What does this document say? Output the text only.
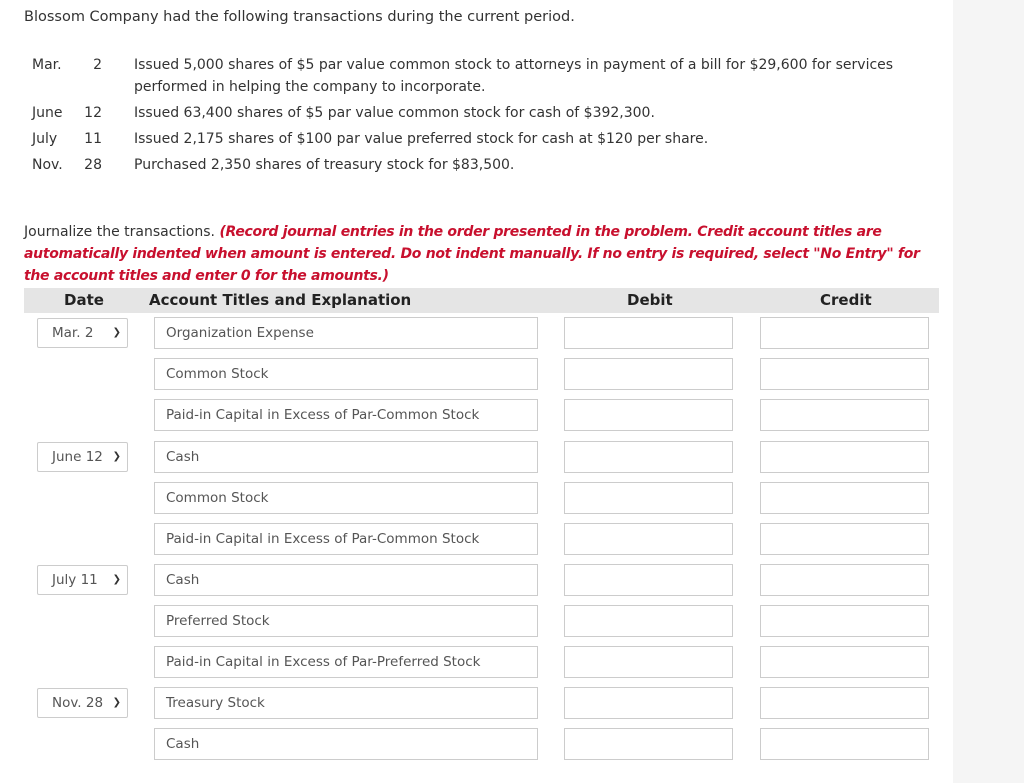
Blossom Company had the following transactions during the current period.
Mar.	2 Issued 5,000 shares of $5 par value common stock to attorneys in payment of a bill for $29,600 for services
performed in helping the company to incorporate.
June	12 Issued 63,400 shares of $5 par value common stock for cash of $392,300.
July	11 Issued 2,175 shares of $100 par value preferred stock for cash at $120 per share.
Nov.	28 Purchased 2,350 shares of treasury stock for $83,500.
Journalize the transactions. (Record journal entries in the order presented in the problem. Credit account titles are automatically indented when amount is entered. Do not indent manually. If no entry is required, select "No Entry" for the account titles and enter 0 for the amounts.)
Date	Account Titles and Explanation	Debit	Credit
Mar. 2 ❯	Organization Expense
Common Stock
Paid-in Capital in Excess of Par-Common Stock
June 12 ❯	Cash
Common Stock
Paid-in Capital in Excess of Par-Common Stock
July 11 ❯	Cash
Preferred Stock
Paid-in Capital in Excess of Par-Preferred Stock
Nov. 28 ❯	Treasury Stock
Cash
